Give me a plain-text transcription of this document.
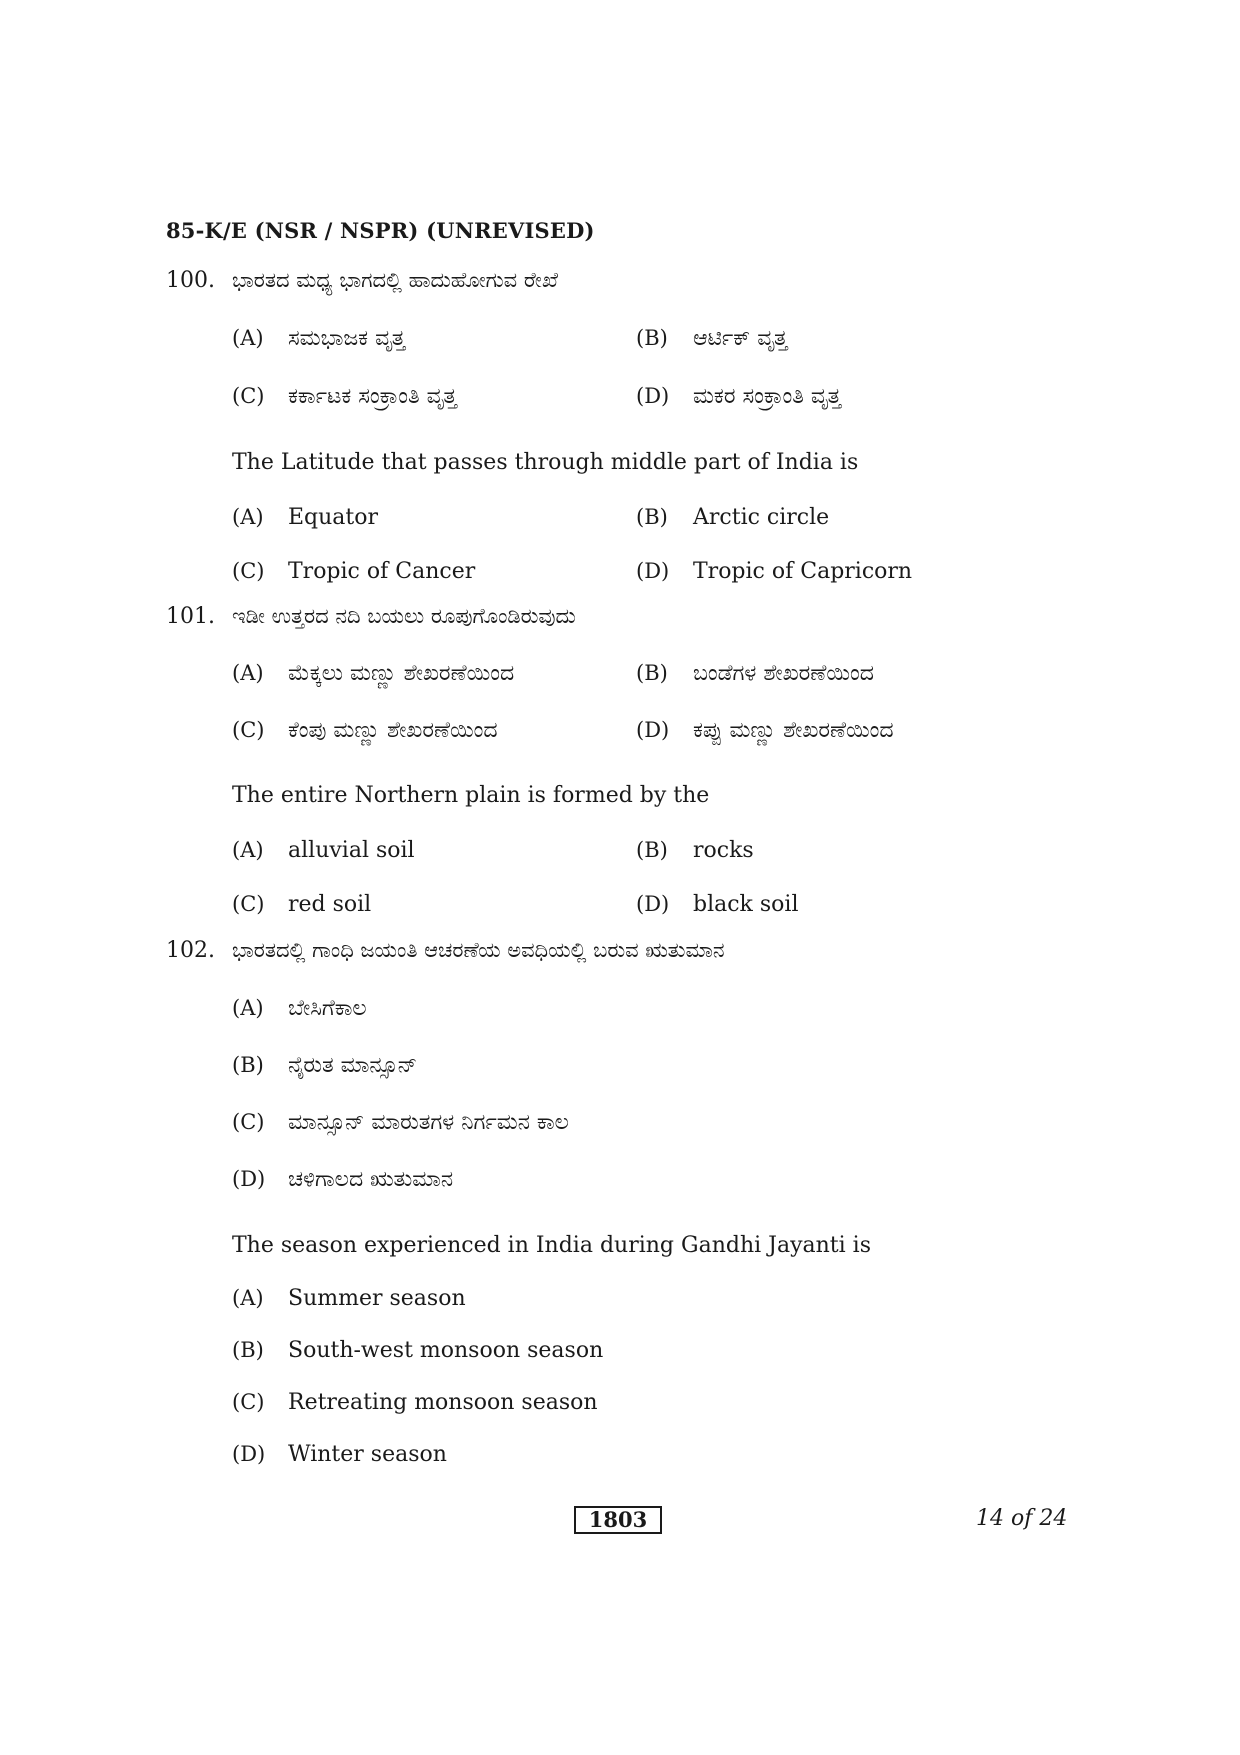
85-K/E (NSR / NSPR) (UNREVISED)
100. ಭಾರತದ ಮಧ್ಯ ಭಾಗದಲ್ಲಿ ಹಾದುಹೋಗುವ ರೇಖೆ
(A) ಸಮಭಾಜಕ ವೃತ್ತ	(B) ಆರ್ಟಿಕ್ ವೃತ್ತ
(C) ಕರ್ಕಾಟಕ ಸಂಕ್ರಾಂತಿ ವೃತ್ತ	(D) ಮಕರ ಸಂಕ್ರಾಂತಿ ವೃತ್ತ
The Latitude that passes through middle part of India is
(A) Equator	(B) Arctic circle
(C) Tropic of Cancer	(D) Tropic of Capricorn
101. ಇಡೀ ಉತ್ತರದ ನದಿ ಬಯಲು ರೂಪುಗೊಂಡಿರುವುದು
(A) ಮೆಕ್ಕಲು ಮಣ್ಣು ಶೇಖರಣೆಯಿಂದ	(B) ಬಂಡೆಗಳ ಶೇಖರಣೆಯಿಂದ
(C) ಕೆಂಪು ಮಣ್ಣು ಶೇಖರಣೆಯಿಂದ	(D) ಕಪ್ಪು ಮಣ್ಣು ಶೇಖರಣೆಯಿಂದ
The entire Northern plain is formed by the
(A) alluvial soil	(B) rocks
(C) red soil	(D) black soil
102. ಭಾರತದಲ್ಲಿ ಗಾಂಧಿ ಜಯಂತಿ ಆಚರಣೆಯ ಅವಧಿಯಲ್ಲಿ ಬರುವ ಋತುಮಾನ
(A) ಬೇಸಿಗೆಕಾಲ
(B) ನೈರುತ ಮಾನ್ಸೂನ್
(C) ಮಾನ್ಸೂನ್ ಮಾರುತಗಳ ನಿರ್ಗಮನ ಕಾಲ
(D) ಚಳಿಗಾಲದ ಋತುಮಾನ
The season experienced in India during Gandhi Jayanti is
(A) Summer season
(B) South-west monsoon season
(C) Retreating monsoon season
(D) Winter season
1803	14 of 24
